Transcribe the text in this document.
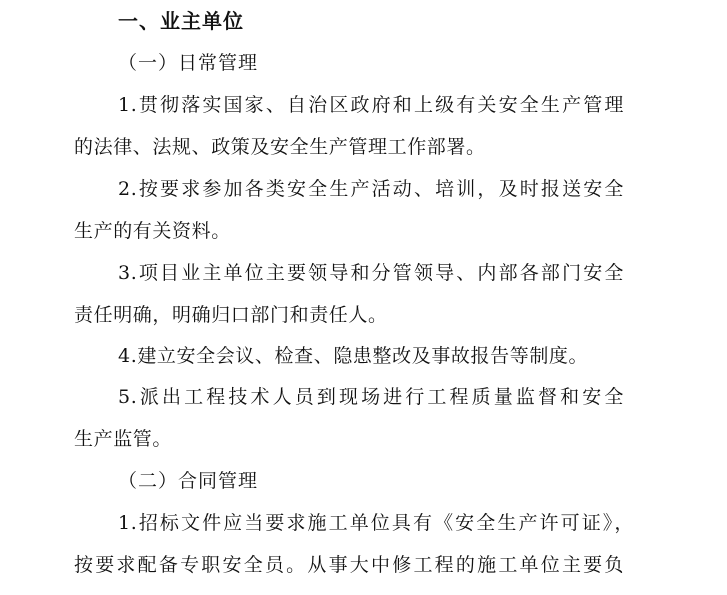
一、业主单位
（一）日常管理
1.贯彻落实国家、自治区政府和上级有关安全生产管理
的法律、法规、政策及安全生产管理工作部署。
2.按要求参加各类安全生产活动、培训，及时报送安全
生产的有关资料。
3.项目业主单位主要领导和分管领导、内部各部门安全
责任明确，明确归口部门和责任人。
4.建立安全会议、检查、隐患整改及事故报告等制度。
5.派出工程技术人员到现场进行工程质量监督和安全
生产监管。
（二）合同管理
1.招标文件应当要求施工单位具有《安全生产许可证》，
按要求配备专职安全员。从事大中修工程的施工单位主要负
